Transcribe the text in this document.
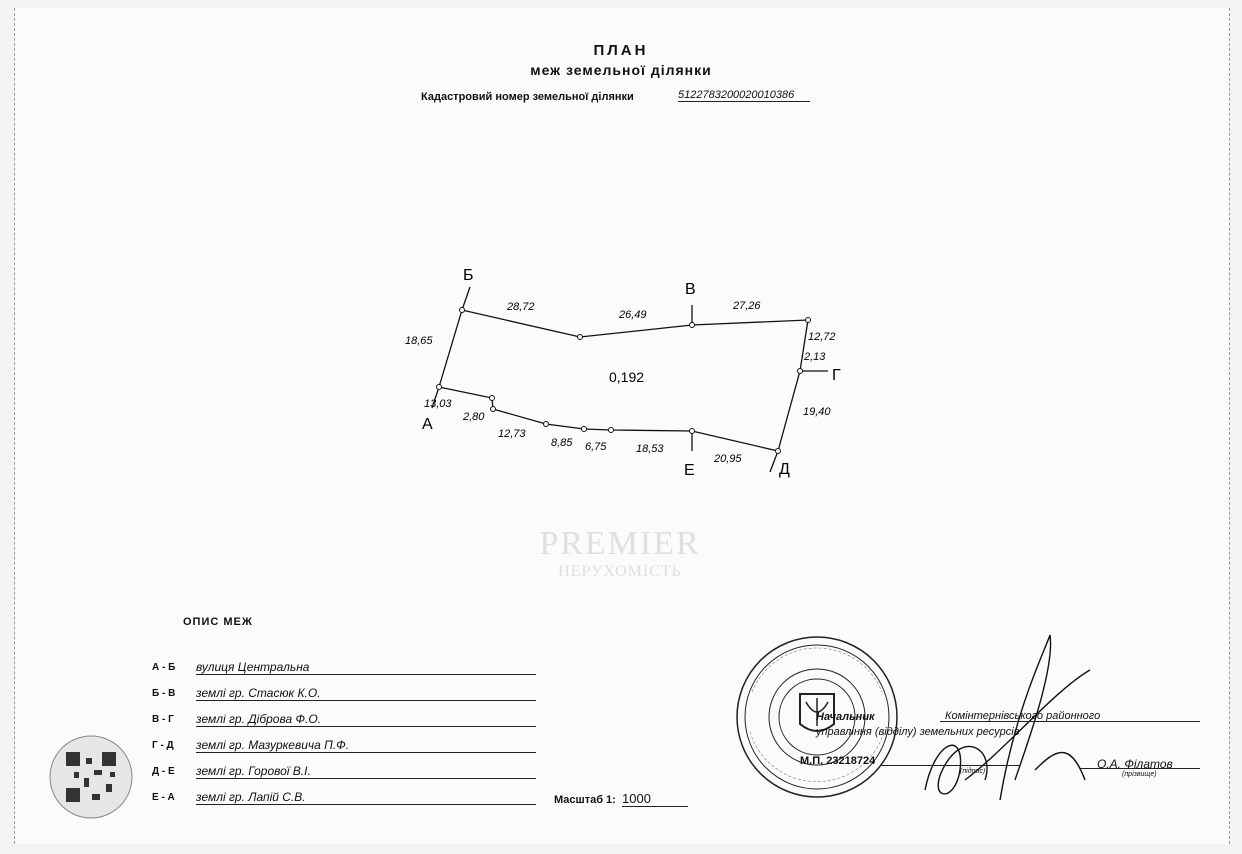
ПЛАН
меж земельної ділянки
Кадастровий номер земельної ділянки	5122783200020010386
Б
В
Г
Д
Е
А
0,192
18,65
28,72
26,49
27,26
12,72
2,13
19,40
20,95
18,53
6,75
8,85
12,73
2,80
13,03
PREMIER
НЕРУХОМІСТЬ
ОПИС МЕЖ
А - Б вулиця Центральна
Б - В землі гр. Стасюк К.О.
В - Г землі гр. Діброва Ф.О.
Г - Д землі гр. Мазуркевича П.Ф.
Д - Е землі гр. Горової В.І.
Е - А землі гр. Лапій С.В.	Масштаб 1: 1000
М.П. 23218724
Начальник	Комінтернівського районного
управління (відділу) земельних ресурсів
(підпис)
О.А. Філатов
(прізвище)
